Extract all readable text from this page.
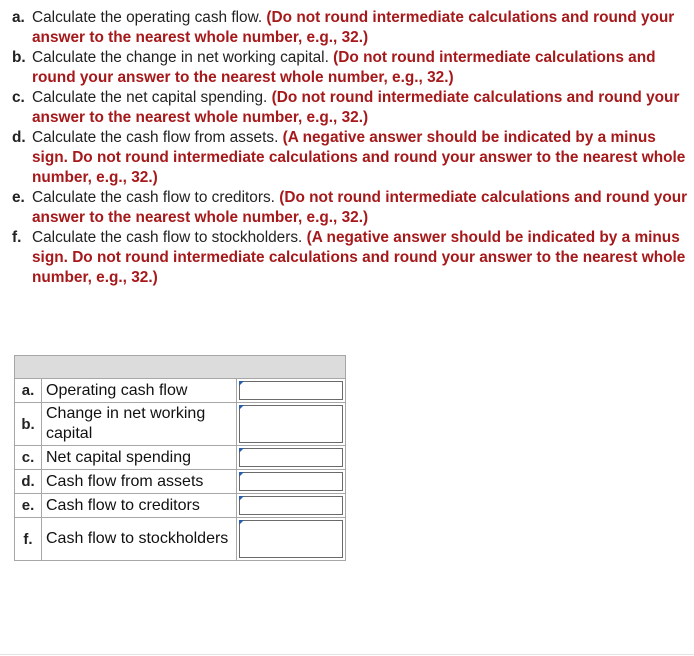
a. Calculate the operating cash flow. (Do not round intermediate calculations and round your answer to the nearest whole number, e.g., 32.)
b. Calculate the change in net working capital. (Do not round intermediate calculations and round your answer to the nearest whole number, e.g., 32.)
c. Calculate the net capital spending. (Do not round intermediate calculations and round your answer to the nearest whole number, e.g., 32.)
d. Calculate the cash flow from assets. (A negative answer should be indicated by a minus sign. Do not round intermediate calculations and round your answer to the nearest whole number, e.g., 32.)
e. Calculate the cash flow to creditors. (Do not round intermediate calculations and round your answer to the nearest whole number, e.g., 32.)
f. Calculate the cash flow to stockholders. (A negative answer should be indicated by a minus sign. Do not round intermediate calculations and round your answer to the nearest whole number, e.g., 32.)

a.	Operating cash flow	

b.	Change in net working capital	

c.	Net capital spending	

d.	Cash flow from assets	

e.	Cash flow to creditors	

f.	Cash flow to stockholders	
